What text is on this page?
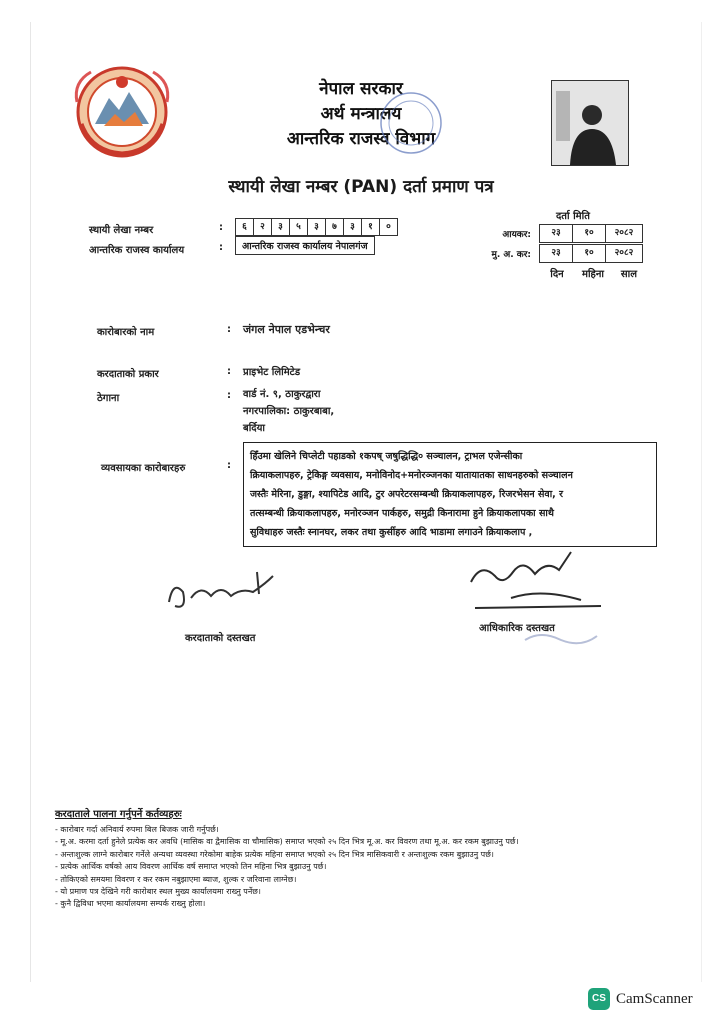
नेपाल सरकार
अर्थ मन्त्रालय
आन्तरिक राजस्व विभाग
स्थायी लेखा नम्बर (PAN) दर्ता प्रमाण पत्र
दर्ता मिति
आयकर:	२३	१०	२०८२
मु. अ. कर:	२३	१०	२०८२
दिन	महिना	साल
स्थायी लेखा नम्बर	:	६	२	३	५	३	७	३	१	०
आन्तरिक राजस्व कार्यालय	:	आन्तरिक राजस्व कार्यालय नेपालगंज
कारोबारको नाम	: जंगल नेपाल एडभेन्चर
करदाताको प्रकार	: प्राइभेट लिमिटेड
ठेगाना	: वार्ड नं. ९, ठाकुरद्वारा
नगरपालिका: ठाकुरबाबा,
बर्दिया
व्यवसायका कारोबारहरु	:
हिँउमा खेलिने चिप्लेटी पहाडको १कपष् जषुद्धिद्धि० सञ्चालन, ट्राभल एजेन्सीका
क्रियाकलापहरु, ट्रेकिङ्ग व्यवसाय, मनोविनोद+मनोरञ्जनका यातायातका साधनहरुको सञ्चालन
जस्तैः मेरिना, डुङ्गा, श्यापिटेड आदि, टुर अपरेटरसम्बन्धी क्रियाकलापहरु, रिजरभेसन सेवा, र
तत्सम्बन्धी क्रियाकलापहरु, मनोरञ्जन पार्कहरु, समुद्री किनारामा हुने क्रियाकलापका साथै
सुविधाहरु जस्तैः स्नानघर, लकर तथा कुर्सीहरु आदि भाडामा लगाउने क्रियाकलाप ,
करदाताको दस्तखत
आधिकारिक दस्तखत
करदाताले पालना गर्नुपर्ने कर्तव्यहरुः
- कारोबार गर्दा अनिवार्य रुपमा बिल बिजक जारी गर्नुपर्छ।
- मू.अ. करमा दर्ता हुनेले प्रत्येक कर अवधि (मासिक वा द्वैमासिक वा चौमासिक) समाप्त भएको २५ दिन भित्र मू.अ. कर विवरण तथा मू.अ. कर रकम बुझाउनु पर्छ।
- अन्तःशुल्क लाग्ने कारोबार गर्नेले अन्यथा व्यवस्था गरेकोमा बाहेक प्रत्येक महिना समाप्त भएको २५ दिन भित्र मासिकवारी र अन्तःशुल्क रकम बुझाउनु पर्छ।
- प्रत्येक आर्थिक वर्षको आय विवरण आर्थिक वर्ष समाप्त भएको तिन महिना भित्र बुझाउनु पर्छ।
- तोकिएको समयमा विवरण र कर रकम नबुझाएमा ब्याज, शुल्क र जरिवाना लाग्नेछ।
- यो प्रमाण पत्र देखिने गरी कारोबार स्थल मुख्य कार्यालयमा राख्नु पर्नेछ।
- कुनै द्विविधा भएमा कार्यालयमा सम्पर्क राख्नु होला।
CS CamScanner
